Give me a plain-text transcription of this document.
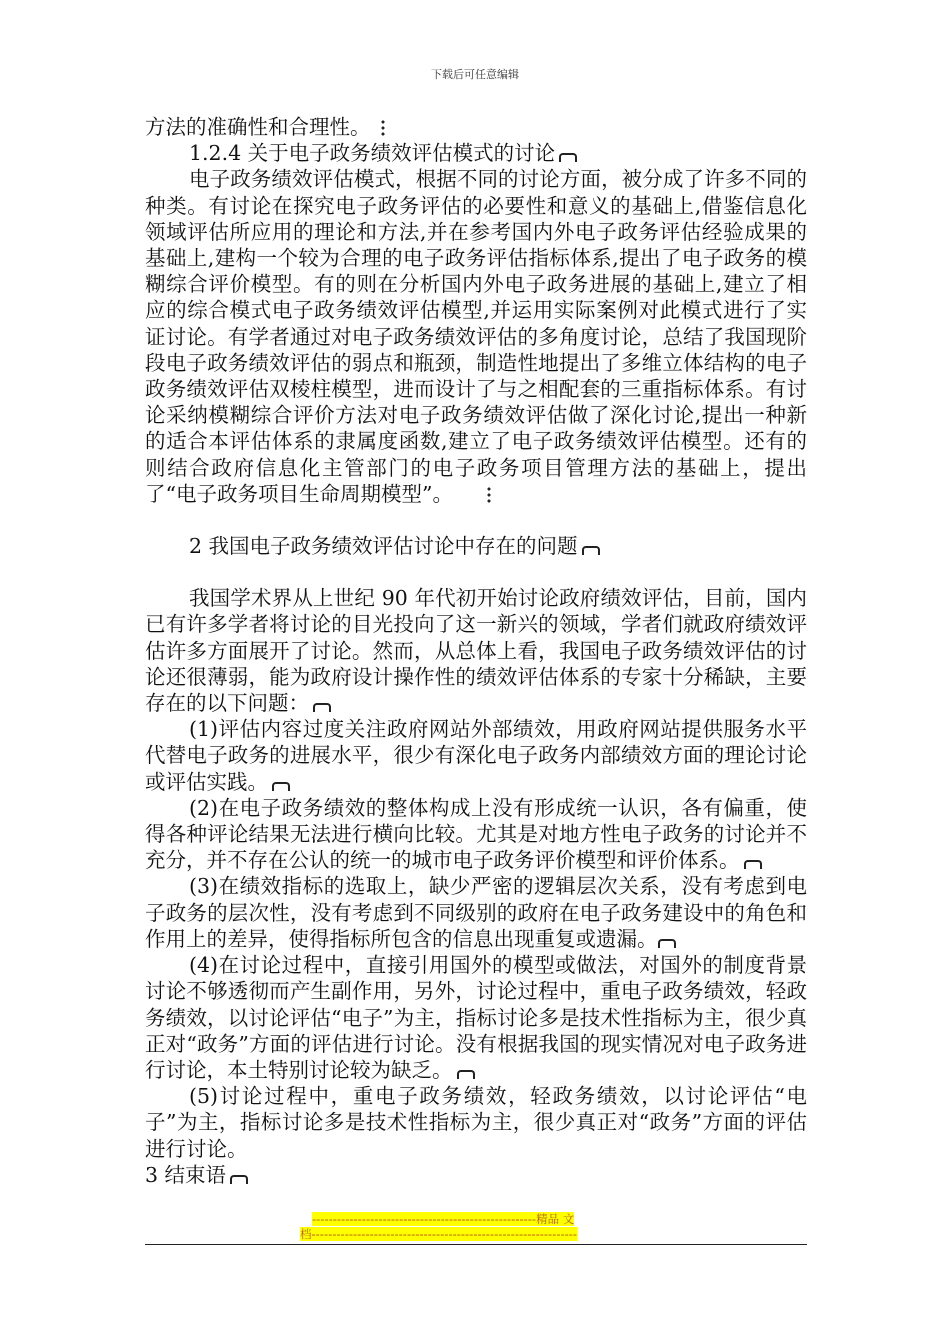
下载后可任意编辑

方法的准确性和合理性。

1.2.4 关于电子政务绩效评估模式的讨论

电子政务绩效评估模式，根据不同的讨论方面，被分成了许多不同的种类。有讨论在探究电子政务评估的必要性和意义的基础上,借鉴信息化领域评估所应用的理论和方法,并在参考国内外电子政务评估经验成果的基础上,建构一个较为合理的电子政务评估指标体系,提出了电子政务的模糊综合评价模型。有的则在分析国内外电子政务进展的基础上,建立了相应的综合模式电子政务绩效评估模型,并运用实际案例对此模式进行了实证讨论。有学者通过对电子政务绩效评估的多角度讨论，总结了我国现阶段电子政务绩效评估的弱点和瓶颈，制造性地提出了多维立体结构的电子政务绩效评估双棱柱模型，进而设计了与之相配套的三重指标体系。有讨论采纳模糊综合评价方法对电子政务绩效评估做了深化讨论,提出一种新的适合本评估体系的隶属度函数,建立了电子政务绩效评估模型。还有的则结合政府信息化主管部门的电子政务项目管理方法的基础上，提出了“电子政务项目生命周期模型”。

2 我国电子政务绩效评估讨论中存在的问题

我国学术界从上世纪 90 年代初开始讨论政府绩效评估，目前，国内已有许多学者将讨论的目光投向了这一新兴的领域，学者们就政府绩效评估许多方面展开了讨论。然而，从总体上看，我国电子政务绩效评估的讨论还很薄弱，能为政府设计操作性的绩效评估体系的专家十分稀缺，主要存在的以下问题：

(1)评估内容过度关注政府网站外部绩效，用政府网站提供服务水平代替电子政务的进展水平，很少有深化电子政务内部绩效方面的理论讨论或评估实践。

(2)在电子政务绩效的整体构成上没有形成统一认识，各有偏重，使得各种评论结果无法进行横向比较。尤其是对地方性电子政务的讨论并不充分，并不存在公认的统一的城市电子政务评价模型和评价体系。

(3)在绩效指标的选取上，缺少严密的逻辑层次关系，没有考虑到电子政务的层次性，没有考虑到不同级别的政府在电子政务建设中的角色和作用上的差异，使得指标所包含的信息出现重复或遗漏。

(4)在讨论过程中，直接引用国外的模型或做法，对国外的制度背景讨论不够透彻而产生副作用，另外，讨论过程中，重电子政务绩效，轻政务绩效，以讨论评估“电子”为主，指标讨论多是技术性指标为主，很少真正对“政务”方面的评估进行讨论。没有根据我国的现实情况对电子政务进行讨论，本土特别讨论较为缺乏。

(5)讨论过程中，重电子政务绩效，轻政务绩效，以讨论评估“电子”为主，指标讨论多是技术性指标为主，很少真正对“政务”方面的评估进行讨论。

3 结束语

------------------------------------------------------精品 文
档----------------------------------------------------------------
